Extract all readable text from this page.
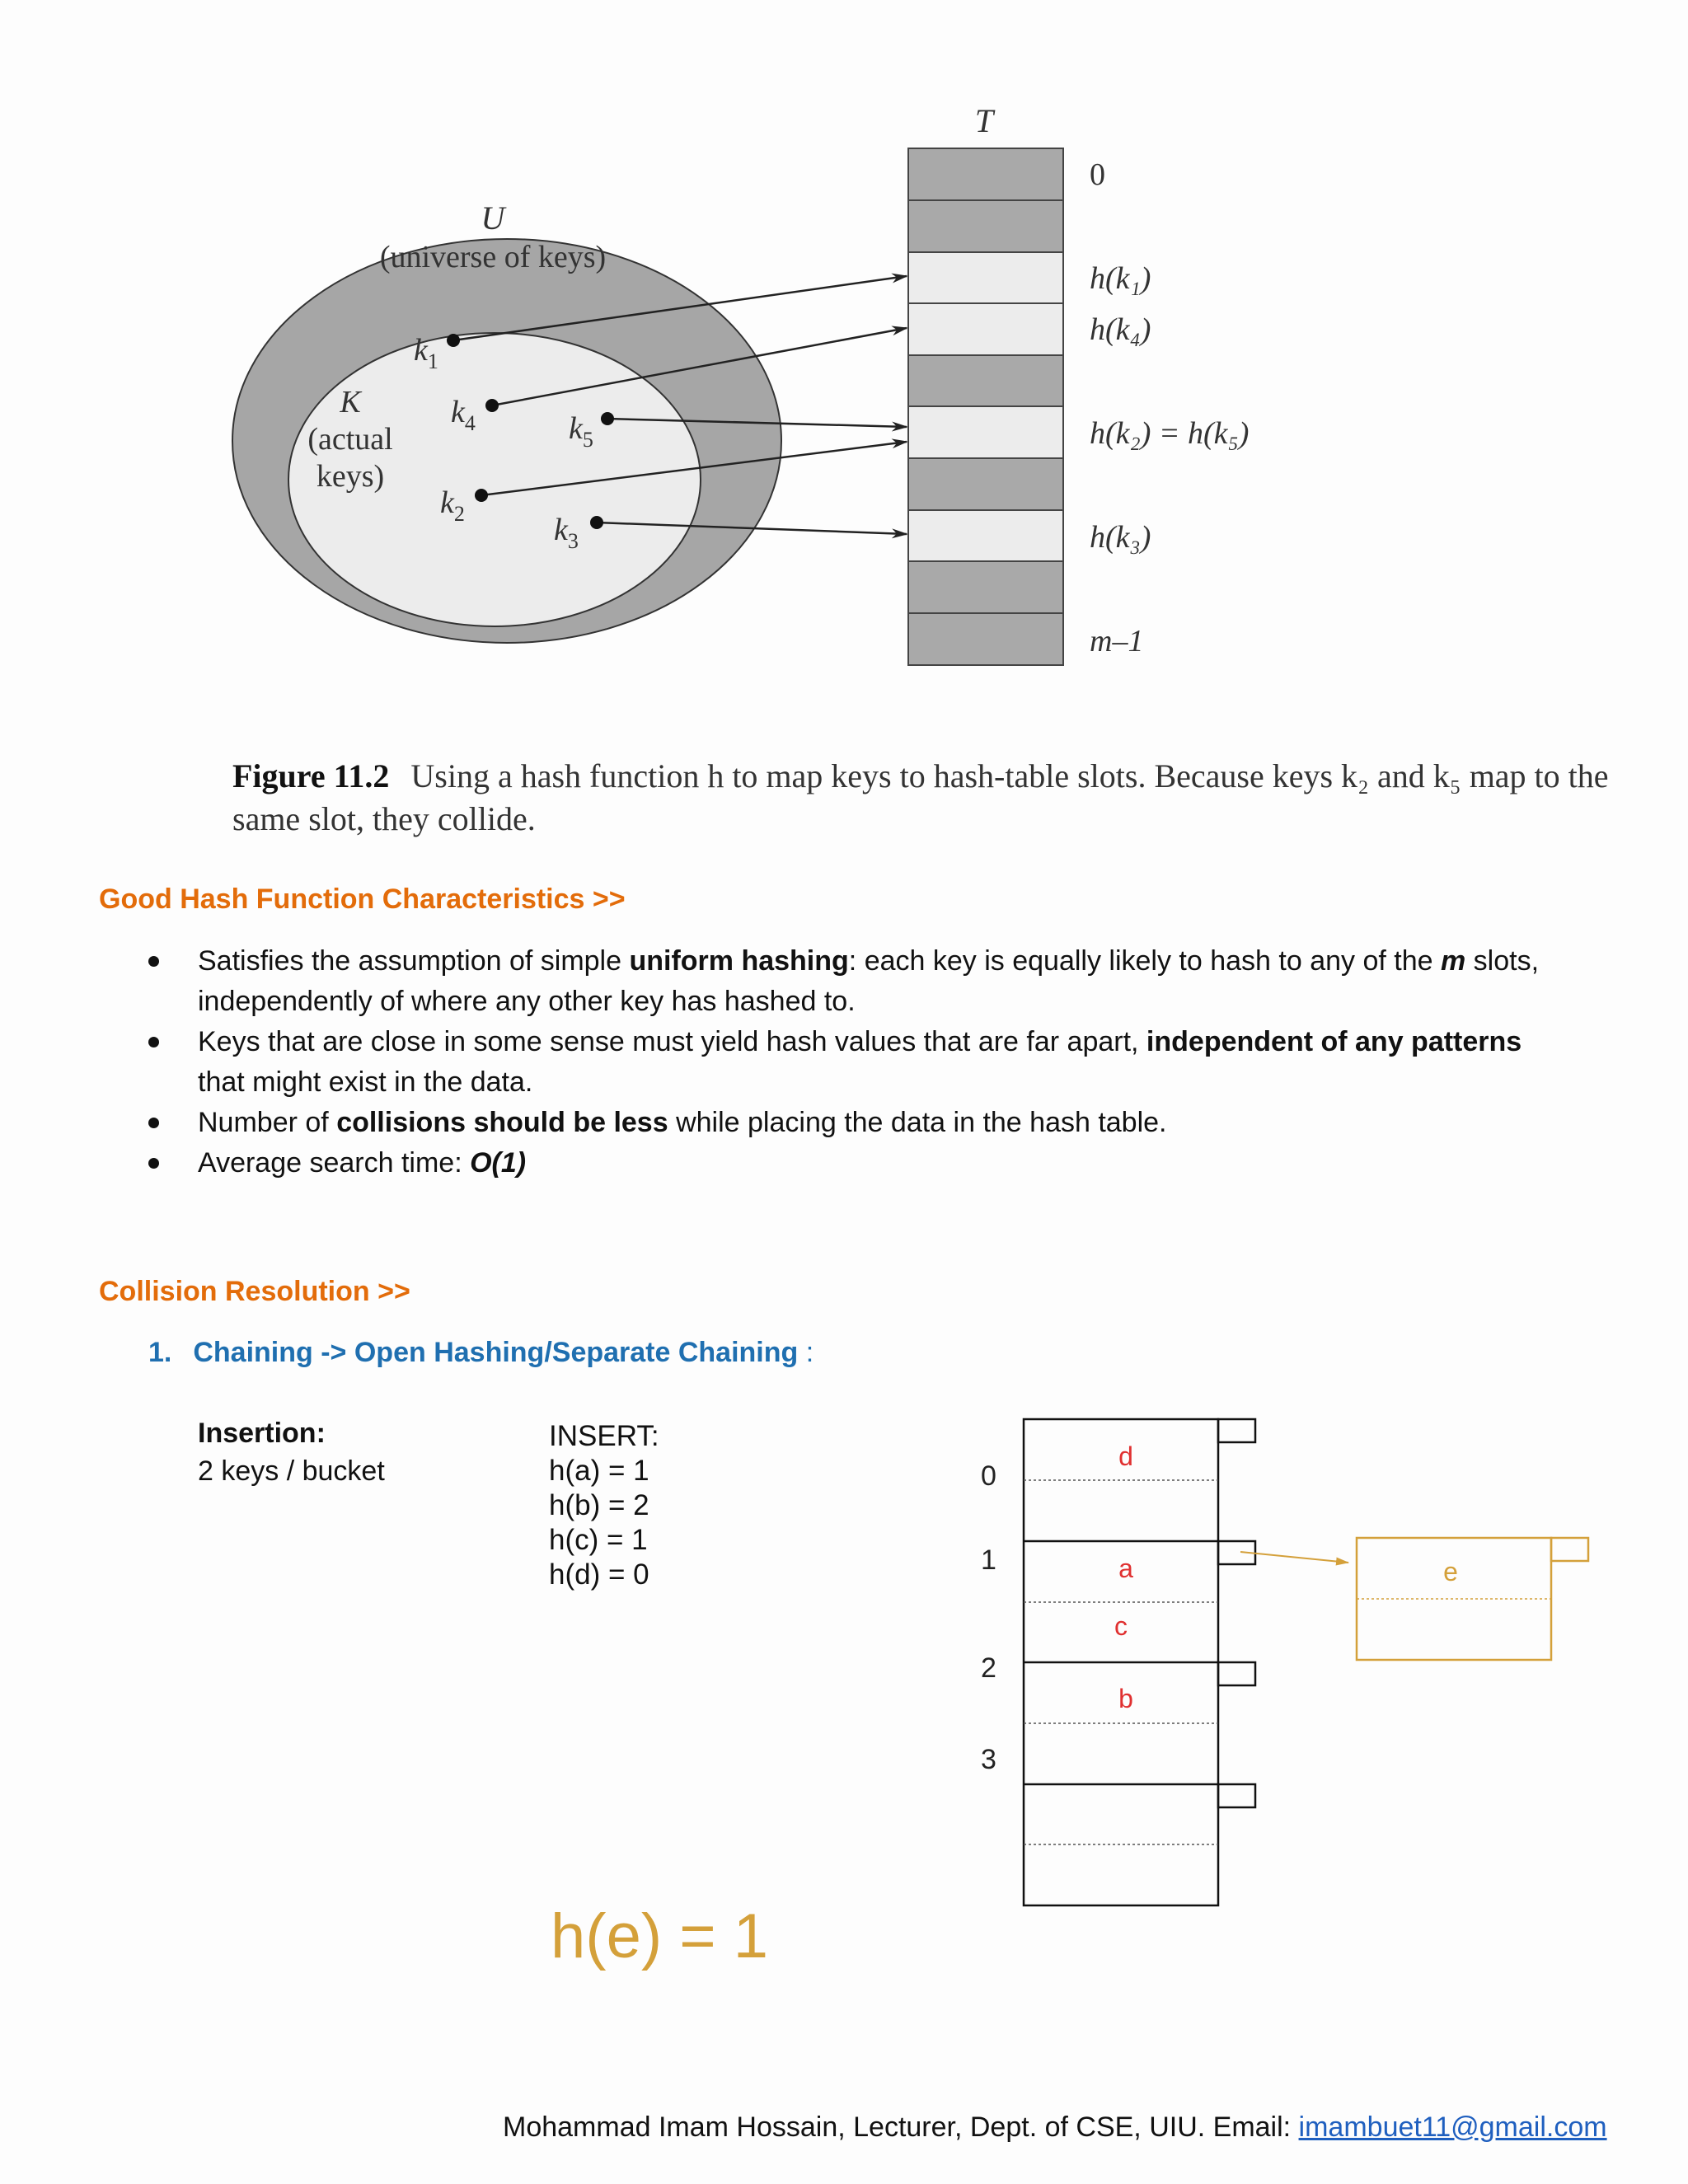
U
(universe of keys)
K
(actual
keys)
$k_1$
$k_4$	$k_5$
$k_2$	$k_3$
T
0
h(k₁)
h(k₄)
h(k₂) = h(k₅)
h(k₃)
m–1
Figure 11.2 Using a hash function h to map keys to hash-table slots. Because keys k₂ and k₅ map to the same slot, they collide.
Good Hash Function Characteristics >>
Satisfies the assumption of simple uniform hashing: each key is equally likely to hash to any of the m slots, independently of where any other key has hashed to.
Keys that are close in some sense must yield hash values that are far apart, independent of any patterns that might exist in the data.
Number of collisions should be less while placing the data in the hash table.
Average search time: O(1)
Collision Resolution >>
1. Chaining -> Open Hashing/Separate Chaining :
Insertion:
2 keys / bucket
INSERT:
h(a) = 1
h(b) = 2
h(c) = 1
h(d) = 0
0
1
2
3
d
a
c
b
e
h(e) = 1
Mohammad Imam Hossain, Lecturer, Dept. of CSE, UIU. Email: imambuet11@gmail.com
